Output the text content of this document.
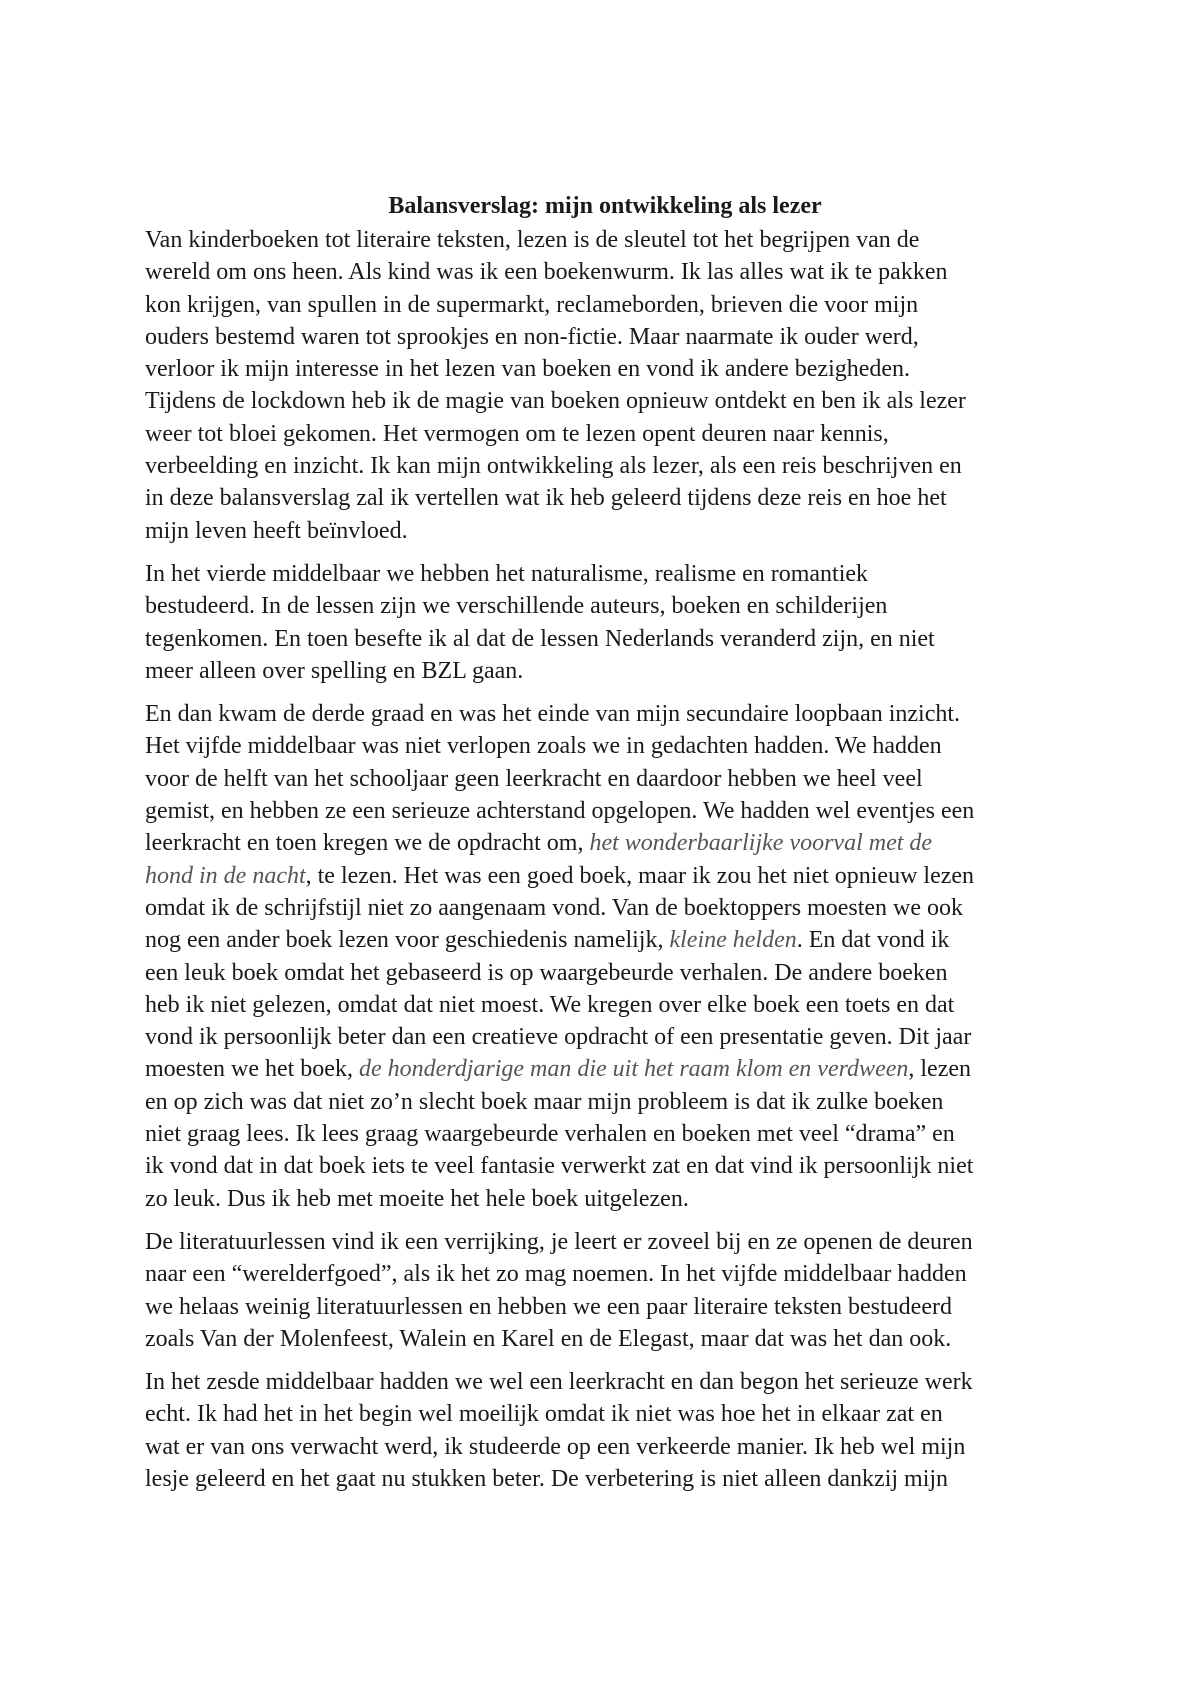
Balansverslag: mijn ontwikkeling als lezer
Van kinderboeken tot literaire teksten, lezen is de sleutel tot het begrijpen van de
wereld om ons heen. Als kind was ik een boekenwurm. Ik las alles wat ik te pakken
kon krijgen, van spullen in de supermarkt, reclameborden, brieven die voor mijn
ouders bestemd waren tot sprookjes en non-fictie. Maar naarmate ik ouder werd,
verloor ik mijn interesse in het lezen van boeken en vond ik andere bezigheden.
Tijdens de lockdown heb ik de magie van boeken opnieuw ontdekt en ben ik als lezer
weer tot bloei gekomen. Het vermogen om te lezen opent deuren naar kennis,
verbeelding en inzicht. Ik kan mijn ontwikkeling als lezer, als een reis beschrijven en
in deze balansverslag zal ik vertellen wat ik heb geleerd tijdens deze reis en hoe het
mijn leven heeft beïnvloed.
In het vierde middelbaar we hebben het naturalisme, realisme en romantiek
bestudeerd. In de lessen zijn we verschillende auteurs, boeken en schilderijen
tegenkomen. En toen besefte ik al dat de lessen Nederlands veranderd zijn, en niet
meer alleen over spelling en BZL gaan.
En dan kwam de derde graad en was het einde van mijn secundaire loopbaan inzicht.
Het vijfde middelbaar was niet verlopen zoals we in gedachten hadden. We hadden
voor de helft van het schooljaar geen leerkracht en daardoor hebben we heel veel
gemist, en hebben ze een serieuze achterstand opgelopen. We hadden wel eventjes een
leerkracht en toen kregen we de opdracht om, het wonderbaarlijke voorval met de
hond in de nacht, te lezen. Het was een goed boek, maar ik zou het niet opnieuw lezen
omdat ik de schrijfstijl niet zo aangenaam vond. Van de boektoppers moesten we ook
nog een ander boek lezen voor geschiedenis namelijk, kleine helden. En dat vond ik
een leuk boek omdat het gebaseerd is op waargebeurde verhalen. De andere boeken
heb ik niet gelezen, omdat dat niet moest. We kregen over elke boek een toets en dat
vond ik persoonlijk beter dan een creatieve opdracht of een presentatie geven. Dit jaar
moesten we het boek, de honderdjarige man die uit het raam klom en verdween, lezen
en op zich was dat niet zo’n slecht boek maar mijn probleem is dat ik zulke boeken
niet graag lees. Ik lees graag waargebeurde verhalen en boeken met veel “drama” en
ik vond dat in dat boek iets te veel fantasie verwerkt zat en dat vind ik persoonlijk niet
zo leuk. Dus ik heb met moeite het hele boek uitgelezen.
De literatuurlessen vind ik een verrijking, je leert er zoveel bij en ze openen de deuren
naar een “werelderfgoed”, als ik het zo mag noemen. In het vijfde middelbaar hadden
we helaas weinig literatuurlessen en hebben we een paar literaire teksten bestudeerd
zoals Van der Molenfeest, Walein en Karel en de Elegast, maar dat was het dan ook.
In het zesde middelbaar hadden we wel een leerkracht en dan begon het serieuze werk
echt. Ik had het in het begin wel moeilijk omdat ik niet was hoe het in elkaar zat en
wat er van ons verwacht werd, ik studeerde op een verkeerde manier. Ik heb wel mijn
lesje geleerd en het gaat nu stukken beter. De verbetering is niet alleen dankzij mijn
